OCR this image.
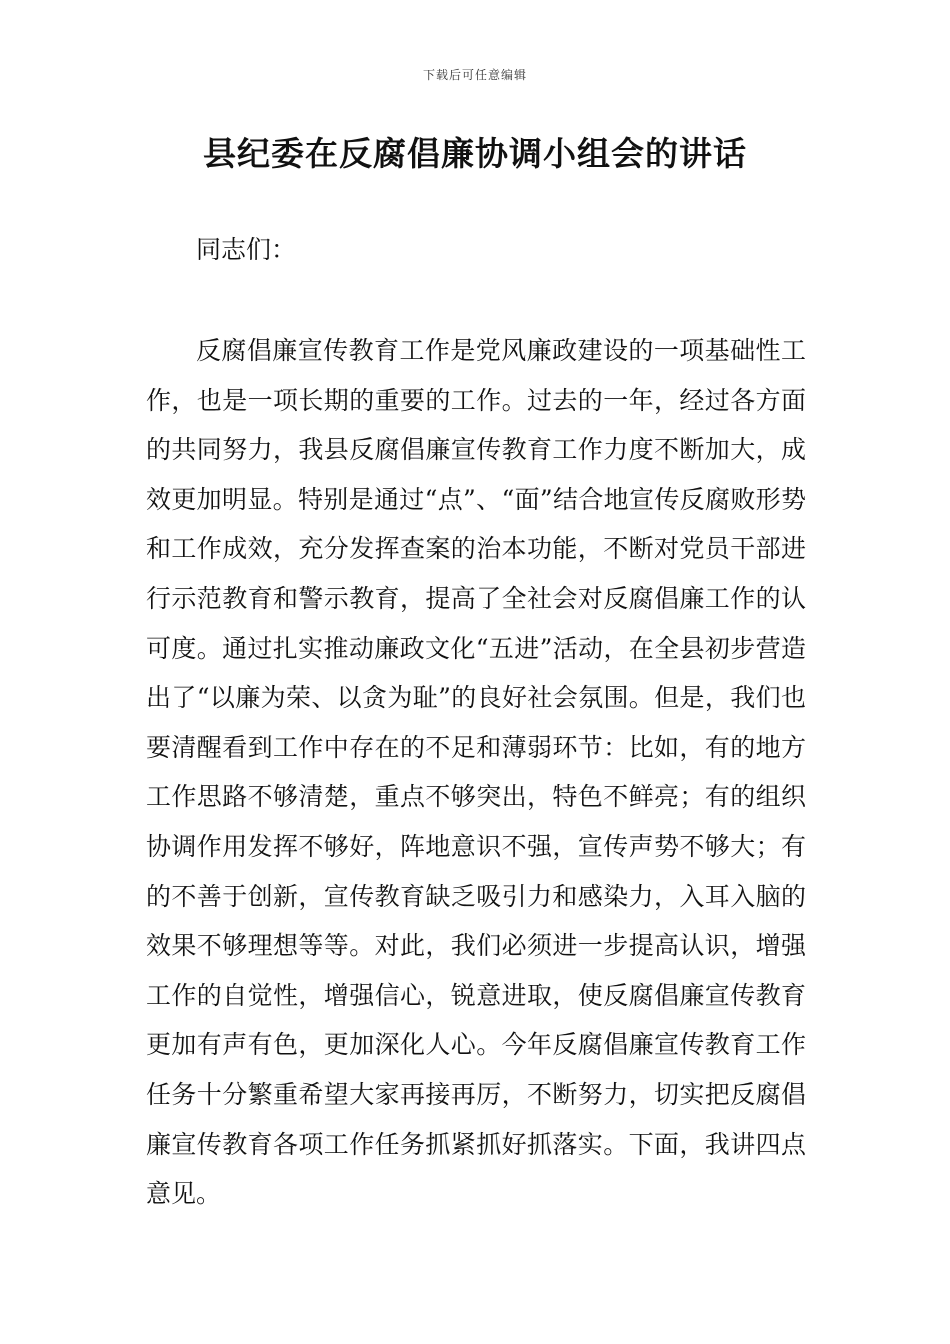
下载后可任意编辑
县纪委在反腐倡廉协调小组会的讲话
同志们：

反腐倡廉宣传教育工作是党风廉政建设的一项基础性工作，也是一项长期的重要的工作。过去的一年，经过各方面的共同努力，我县反腐倡廉宣传教育工作力度不断加大，成效更加明显。特别是通过“点”、“面”结合地宣传反腐败形势和工作成效，充分发挥查案的治本功能，不断对党员干部进行示范教育和警示教育，提高了全社会对反腐倡廉工作的认可度。通过扎实推动廉政文化“五进”活动，在全县初步营造出了“以廉为荣、以贪为耻”的良好社会氛围。但是，我们也要清醒看到工作中存在的不足和薄弱环节：比如，有的地方工作思路不够清楚，重点不够突出，特色不鲜亮；有的组织协调作用发挥不够好，阵地意识不强，宣传声势不够大；有的不善于创新，宣传教育缺乏吸引力和感染力，入耳入脑的效果不够理想等等。对此，我们必须进一步提高认识，增强工作的自觉性，增强信心，锐意进取，使反腐倡廉宣传教育更加有声有色，更加深化人心。今年反腐倡廉宣传教育工作任务十分繁重希望大家再接再厉，不断努力，切实把反腐倡廉宣传教育各项工作任务抓紧抓好抓落实。下面，我讲四点意见。
